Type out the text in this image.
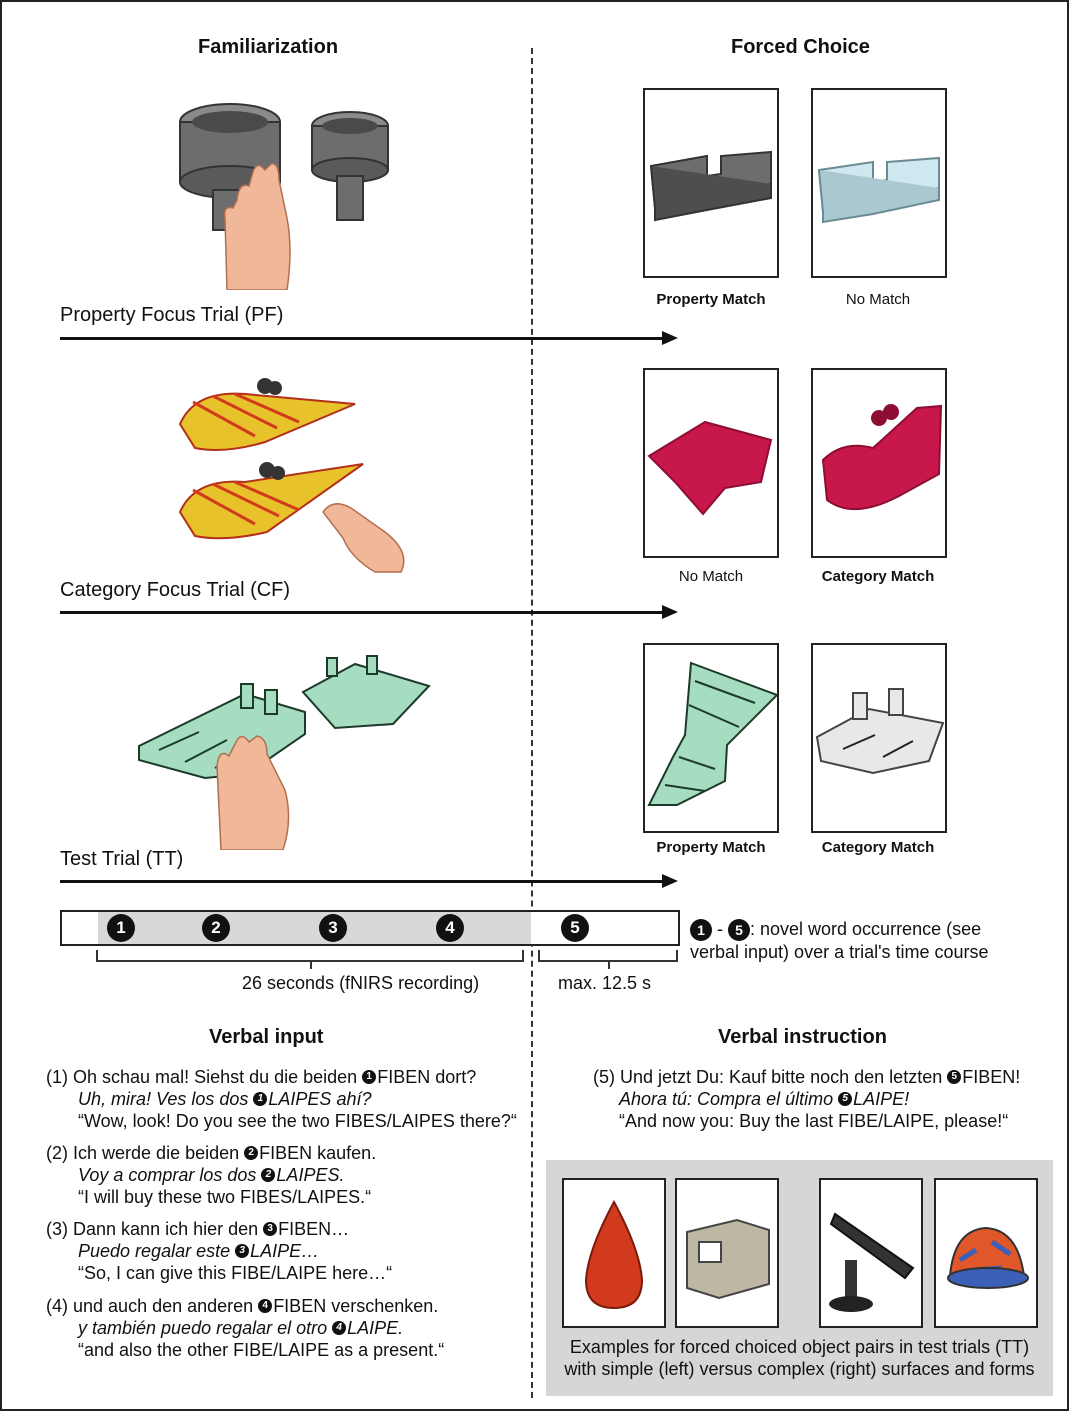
Familiarization	Forced Choice
Property Match	No Match
Property Focus Trial (PF)
No Match	Category Match
Category Focus Trial (CF)
Property Match	Category Match
Test Trial (TT)
1	2	3	4	5	1 - 5 : novel word occurrence (see
verbal input) over a trial's time course
26 seconds (fNIRS recording)	max. 12.5 s
Verbal input
(1) Oh schau mal! Siehst du die beiden 1 FIBEN dort?
Uh, mira! Ves los dos 1 LAIPES ahí?
“Wow, look! Do you see the two FIBES/LAIPES there?“
(2) Ich werde die beiden 2 FIBEN kaufen.
Voy a comprar los dos 2 LAIPES.
“I will buy these two FIBES/LAIPES.“
(3) Dann kann ich hier den 3 FIBEN…
Puedo regalar este 3 LAIPE…
“So, I can give this FIBE/LAIPE here…“
(4) und auch den anderen 4 FIBEN verschenken.
y también puedo regalar el otro 4 LAIPE.
“and also the other FIBE/LAIPE as a present.“
Verbal instruction
(5) Und jetzt Du: Kauf bitte noch den letzten 5 FIBEN!
Ahora tú: Compra el último 5 LAIPE!
“And now you: Buy the last FIBE/LAIPE, please!“
Examples for forced choiced object pairs in test trials (TT)
with simple (left) versus complex (right) surfaces and forms
